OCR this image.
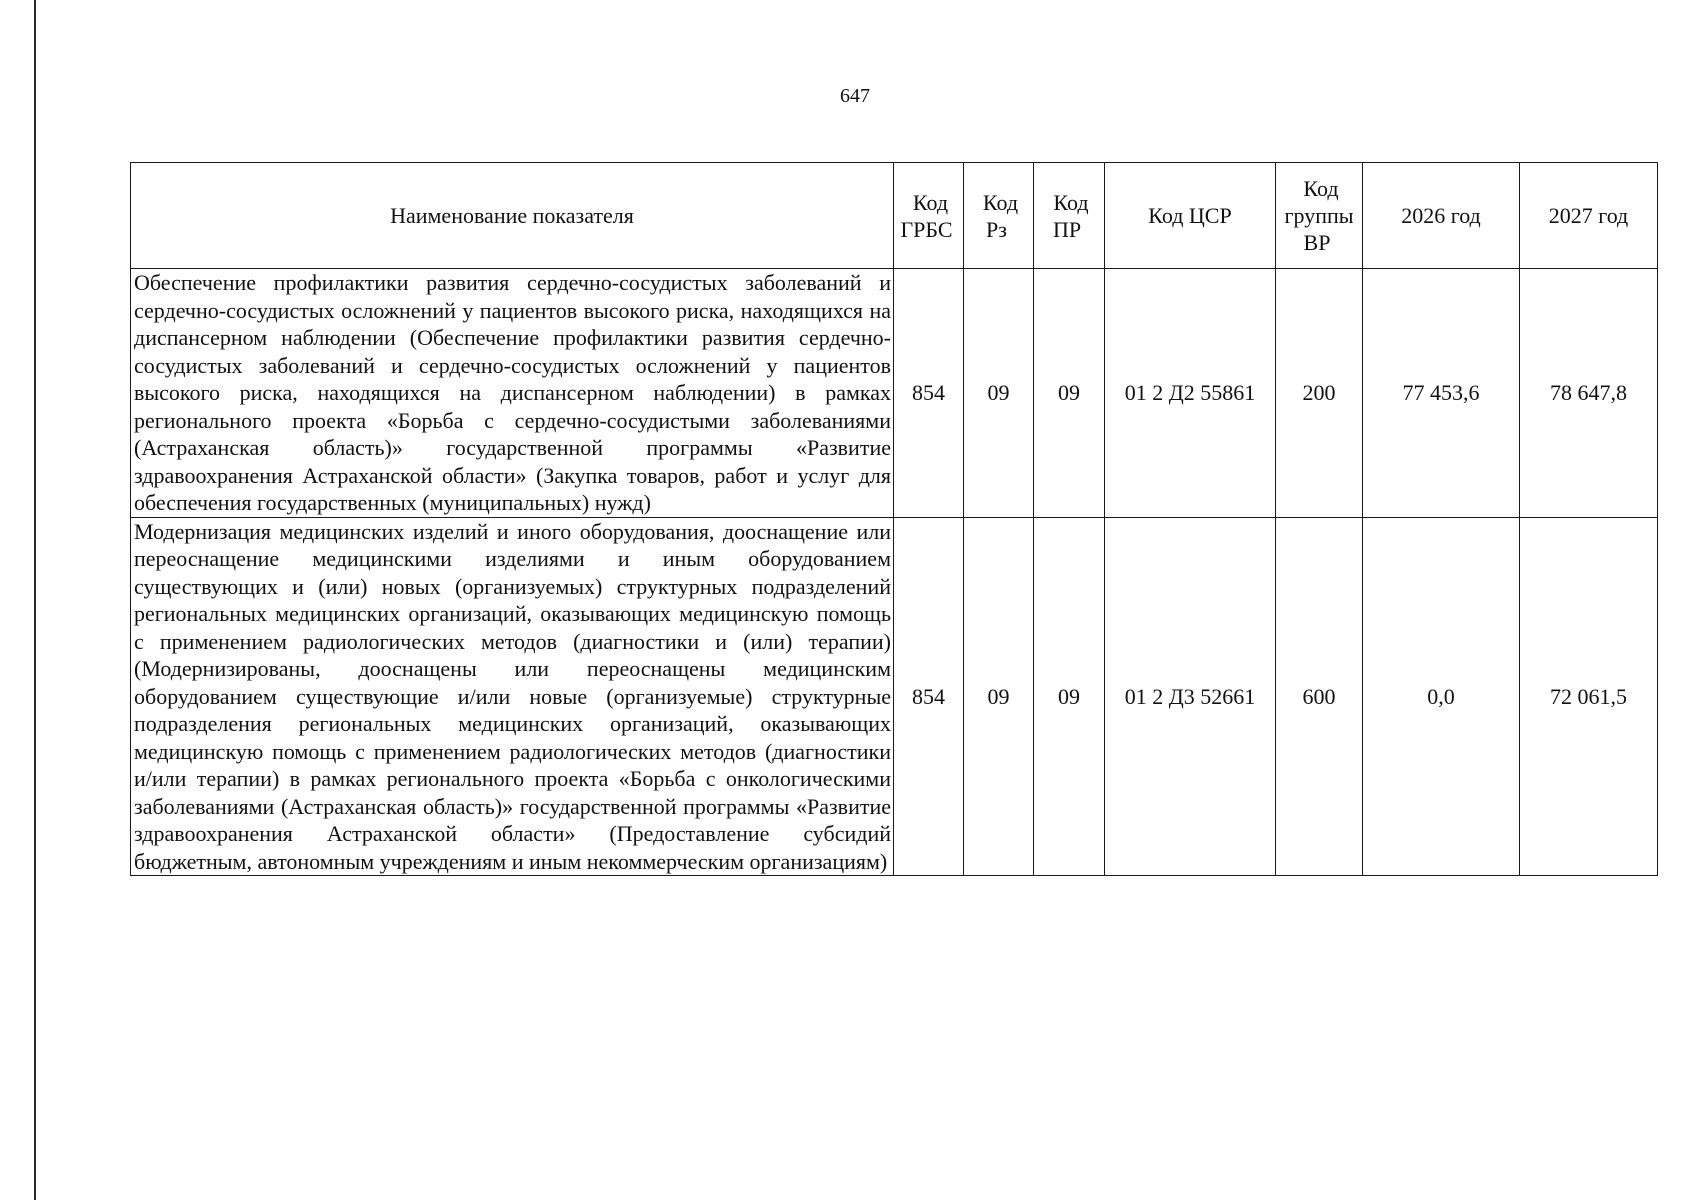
647
Наименование показателя	Код ГРБС	Код Рз	Код ПР	Код ЦСР	Код группы ВР	2026 год	2027 год
Обеспечение профилактики развития сердечно-сосудистых заболеваний и сердечно-сосудистых осложнений у пациентов высокого риска, находящихся на диспансерном наблюдении (Обеспечение профилактики развития сердечно-сосудистых заболеваний и сердечно-сосудистых осложнений у пациентов высокого риска, находящихся на диспансерном наблюдении) в рамках регионального проекта «Борьба с сердечно-сосудистыми заболеваниями (Астраханская область)» государственной программы «Развитие здравоохранения Астраханской области» (Закупка товаров, работ и услуг для обеспечения государственных (муниципальных) нужд)	854	09	09	01 2 Д2 55861	200	77 453,6	78 647,8
Модернизация медицинских изделий и иного оборудования, дооснащение или переоснащение медицинскими изделиями и иным оборудованием существующих и (или) новых (организуемых) структурных подразделений региональных медицинских организаций, оказывающих медицинскую помощь с применением радиологических методов (диагностики и (или) терапии) (Модернизированы, дооснащены или переоснащены медицинским оборудованием существующие и/или новые (организуемые) структурные подразделения региональных медицинских организаций, оказывающих медицинскую помощь с применением радиологических методов (диагностики и/или терапии) в рамках регионального проекта «Борьба с онкологическими заболеваниями (Астраханская область)» государственной программы «Развитие здравоохранения Астраханской области» (Предоставление субсидий бюджетным, автономным учреждениям и иным некоммерческим организациям)	854	09	09	01 2 Д3 52661	600	0,0	72 061,5
